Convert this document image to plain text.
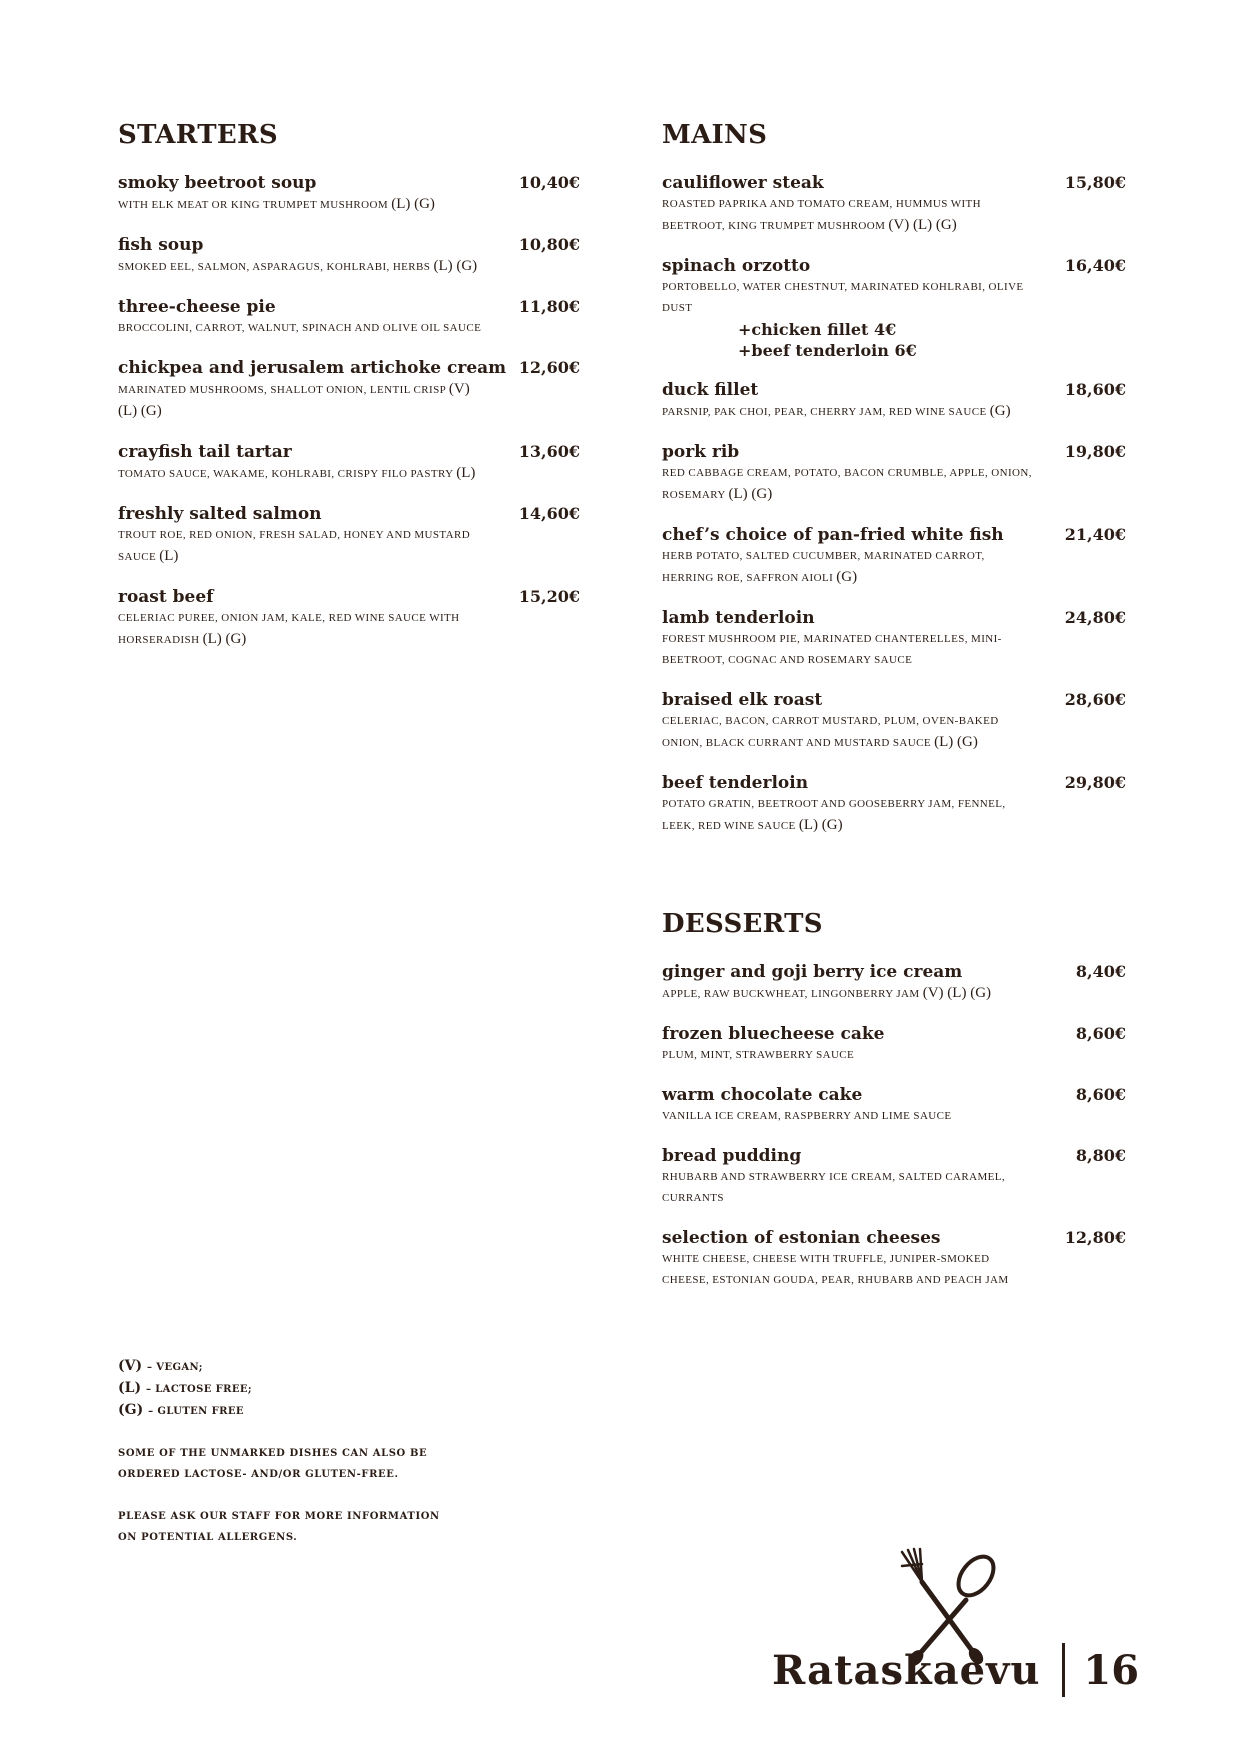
STARTERS
smoky beetroot soup	10,40€
WITH ELK MEAT OR KING TRUMPET MUSHROOM (L) (G)
fish soup	10,80€
SMOKED EEL, SALMON, ASPARAGUS, KOHLRABI, HERBS (L) (G)
three-cheese pie	11,80€
BROCCOLINI, CARROT, WALNUT, SPINACH AND OLIVE OIL SAUCE
chickpea and jerusalem artichoke cream 12,60€
MARINATED MUSHROOMS, SHALLOT ONION, LENTIL CRISP (V) (L) (G)
crayfish tail tartar	13,60€
TOMATO SAUCE, WAKAME, KOHLRABI, CRISPY FILO PASTRY (L)
freshly salted salmon	14,60€
TROUT ROE, RED ONION, FRESH SALAD, HONEY AND MUSTARD SAUCE (L)
roast beef	15,20€
CELERIAC PUREE, ONION JAM, KALE, RED WINE SAUCE WITH HORSERADISH (L) (G)
MAINS
cauliflower steak	15,80€
ROASTED PAPRIKA AND TOMATO CREAM, HUMMUS WITH BEETROOT, KING TRUMPET MUSHROOM (V) (L) (G)
spinach orzotto	16,40€
PORTOBELLO, WATER CHESTNUT, MARINATED KOHLRABI, OLIVE DUST
+chicken fillet 4€
+beef tenderloin 6€
duck fillet	18,60€
PARSNIP, PAK CHOI, PEAR, CHERRY JAM, RED WINE SAUCE (G)
pork rib	19,80€
RED CABBAGE CREAM, POTATO, BACON CRUMBLE, APPLE, ONION, ROSEMARY (L) (G)
chef’s choice of pan-fried white fish	21,40€
HERB POTATO, SALTED CUCUMBER, MARINATED CARROT, HERRING ROE, SAFFRON AIOLI (G)
lamb tenderloin	24,80€
FOREST MUSHROOM PIE, MARINATED CHANTERELLES, MINI-BEETROOT, COGNAC AND ROSEMARY SAUCE
braised elk roast	28,60€
CELERIAC, BACON, CARROT MUSTARD, PLUM, OVEN-BAKED ONION, BLACK CURRANT AND MUSTARD SAUCE (L) (G)
beef tenderloin	29,80€
POTATO GRATIN, BEETROOT AND GOOSEBERRY JAM, FENNEL, LEEK, RED WINE SAUCE (L) (G)
DESSERTS
ginger and goji berry ice cream	8,40€
APPLE, RAW BUCKWHEAT, LINGONBERRY JAM (V) (L) (G)
frozen bluecheese cake	8,60€
PLUM, MINT, STRAWBERRY SAUCE
warm chocolate cake	8,60€
VANILLA ICE CREAM, RASPBERRY AND LIME SAUCE
bread pudding	8,80€
RHUBARB AND STRAWBERRY ICE CREAM, SALTED CARAMEL, CURRANTS
selection of estonian cheeses	12,80€
WHITE CHEESE, CHEESE WITH TRUFFLE, JUNIPER-SMOKED CHEESE, ESTONIAN GOUDA, PEAR, RHUBARB AND PEACH JAM
(V) – VEGAN;
(L) – LACTOSE FREE;
(G) – GLUTEN FREE
SOME OF THE UNMARKED DISHES CAN ALSO BE ORDERED LACTOSE- AND/OR GLUTEN-FREE.
PLEASE ASK OUR STAFF FOR MORE INFORMATION ON POTENTIAL ALLERGENS.
Rataskaevu 16
